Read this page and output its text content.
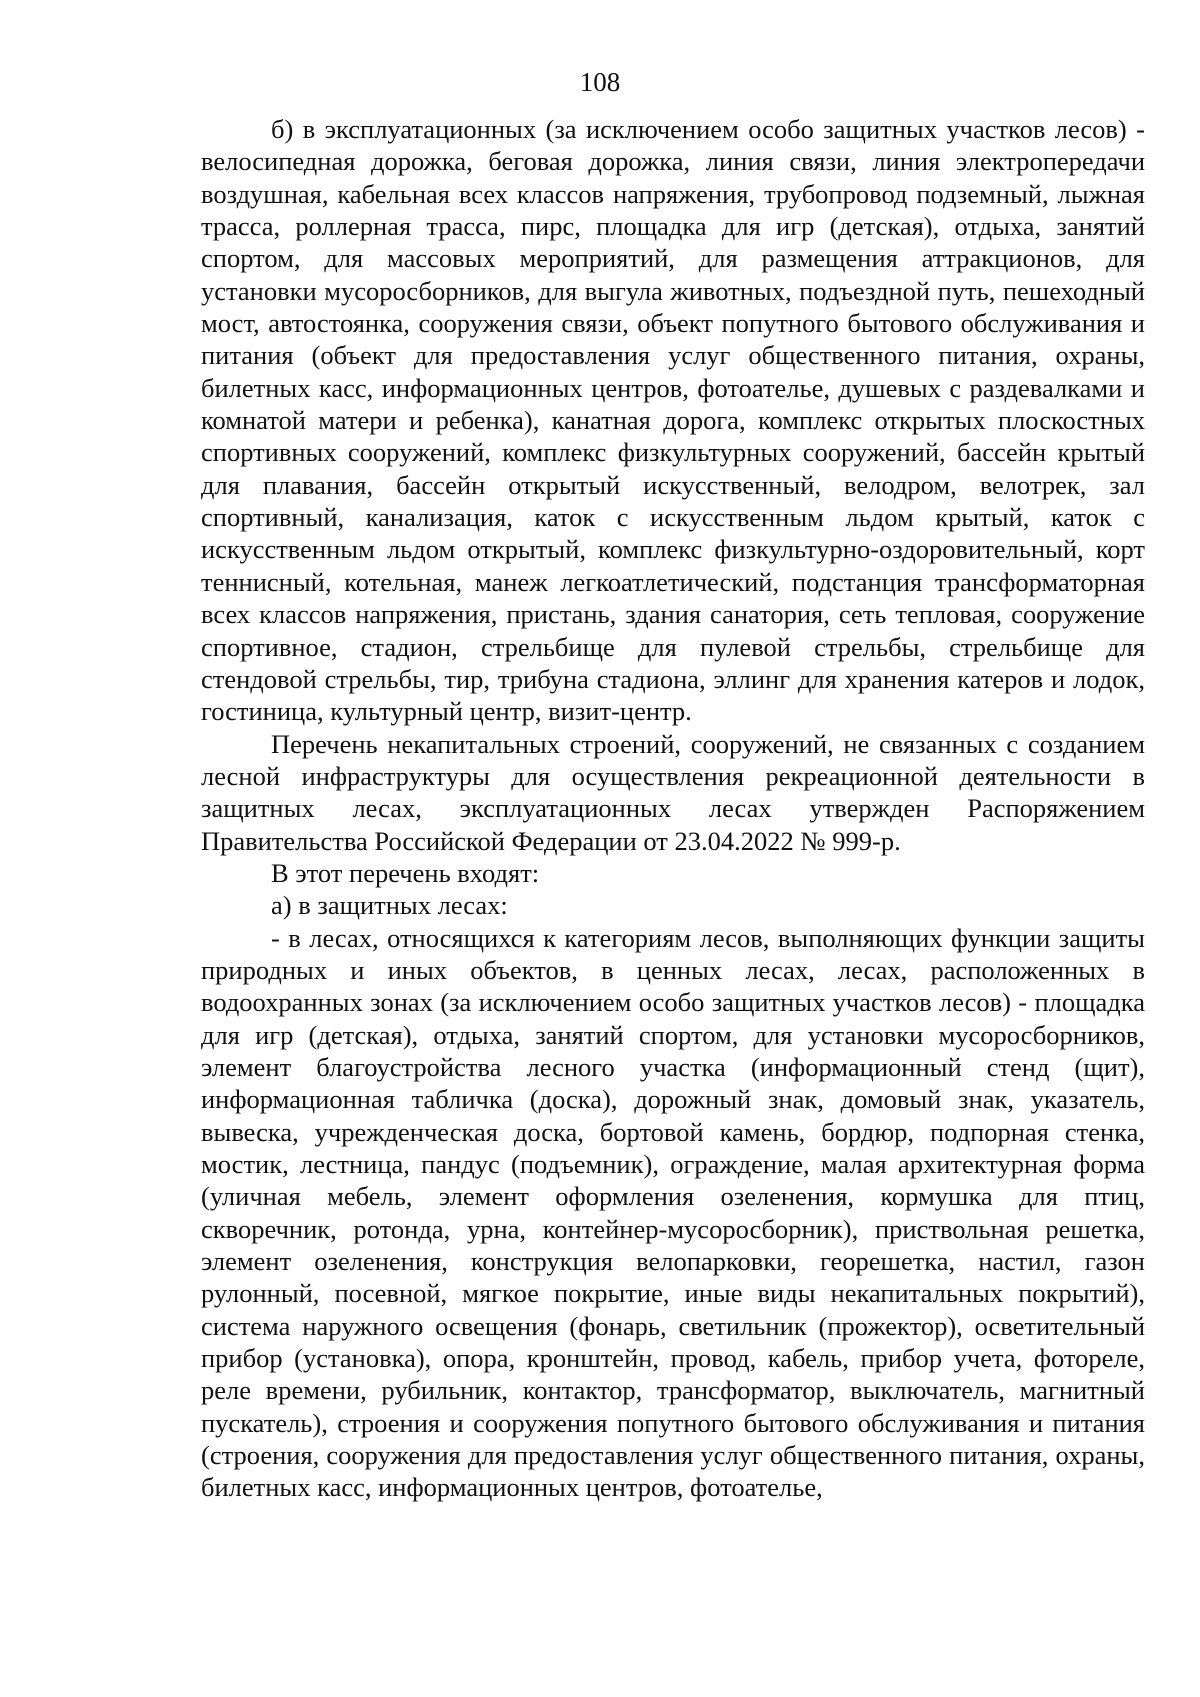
108

б) в эксплуатационных (за исключением особо защитных участков лесов) - велосипедная дорожка, беговая дорожка, линия связи, линия электропередачи воздушная, кабельная всех классов напряжения, трубопровод подземный, лыжная трасса, роллерная трасса, пирс, площадка для игр (детская), отдыха, занятий спортом, для массовых мероприятий, для размещения аттракционов, для установки мусоросборников, для выгула животных, подъездной путь, пешеходный мост, автостоянка, сооружения связи, объект попутного бытового обслуживания и питания (объект для предоставления услуг общественного питания, охраны, билетных касс, информационных центров, фотоателье, душевых с раздевалками и комнатой матери и ребенка), канатная дорога, комплекс открытых плоскостных спортивных сооружений, комплекс физкультурных сооружений, бассейн крытый для плавания, бассейн открытый искусственный, велодром, велотрек, зал спортивный, канализация, каток с искусственным льдом крытый, каток с искусственным льдом открытый, комплекс физкультурно-оздоровительный, корт теннисный, котельная, манеж легкоатлетический, подстанция трансформаторная всех классов напряжения, пристань, здания санатория, сеть тепловая, сооружение спортивное, стадион, стрельбище для пулевой стрельбы, стрельбище для стендовой стрельбы, тир, трибуна стадиона, эллинг для хранения катеров и лодок, гостиница, культурный центр, визит-центр.

Перечень некапитальных строений, сооружений, не связанных с созданием лесной инфраструктуры для осуществления рекреационной деятельности в защитных лесах, эксплуатационных лесах утвержден Распоряжением Правительства Российской Федерации от 23.04.2022 № 999-р.

В этот перечень входят:

а) в защитных лесах:

- в лесах, относящихся к категориям лесов, выполняющих функции защиты природных и иных объектов, в ценных лесах, лесах, расположенных в водоохранных зонах (за исключением особо защитных участков лесов) - площадка для игр (детская), отдыха, занятий спортом, для установки мусоросборников, элемент благоустройства лесного участка (информационный стенд (щит), информационная табличка (доска), дорожный знак, домовый знак, указатель, вывеска, учрежденческая доска, бортовой камень, бордюр, подпорная стенка, мостик, лестница, пандус (подъемник), ограждение, малая архитектурная форма (уличная мебель, элемент оформления озеленения, кормушка для птиц, скворечник, ротонда, урна, контейнер-мусоросборник), приствольная решетка, элемент озеленения, конструкция велопарковки, георешетка, настил, газон рулонный, посевной, мягкое покрытие, иные виды некапитальных покрытий), система наружного освещения (фонарь, светильник (прожектор), осветительный прибор (установка), опора, кронштейн, провод, кабель, прибор учета, фотореле, реле времени, рубильник, контактор, трансформатор, выключатель, магнитный пускатель), строения и сооружения попутного бытового обслуживания и питания (строения, сооружения для предоставления услуг общественного питания, охраны, билетных касс, информационных центров, фотоателье,
